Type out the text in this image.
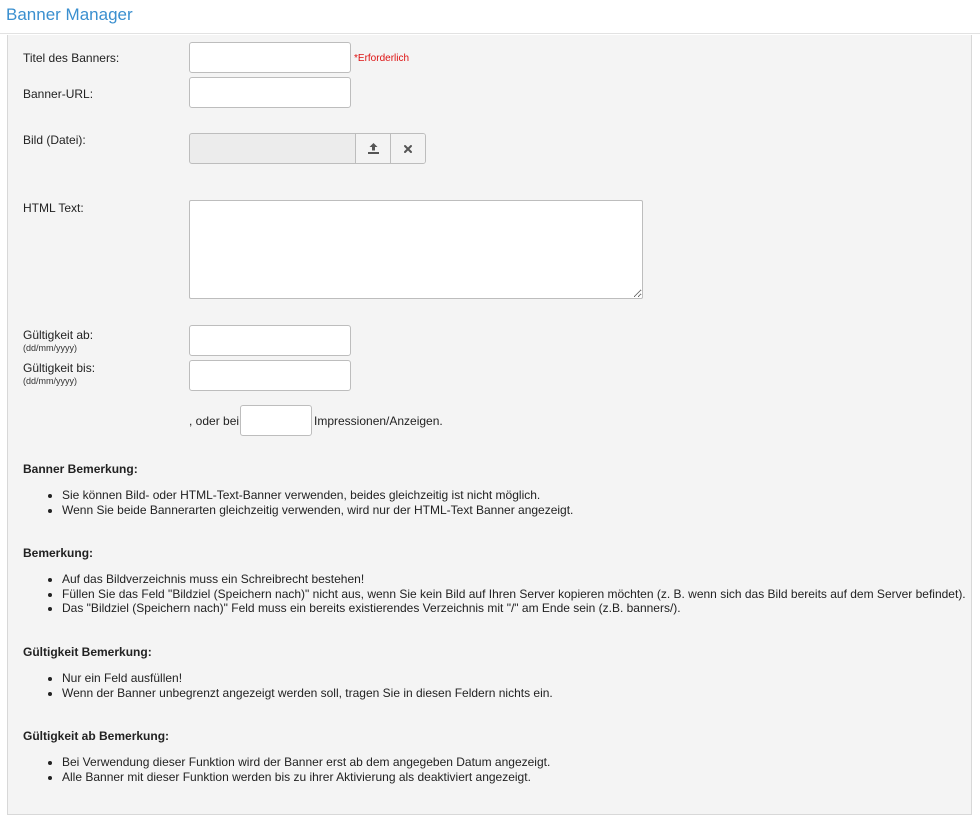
Banner Manager
Titel des Banners:	*Erforderlich
Banner-URL:
Bild (Datei):
HTML Text:
Gültigkeit ab:
(dd/mm/yyyy)
Gültigkeit bis:
(dd/mm/yyyy)
, oder bei	Impressionen/Anzeigen.
Banner Bemerkung:
• Sie können Bild- oder HTML-Text-Banner verwenden, beides gleichzeitig ist nicht möglich.
• Wenn Sie beide Bannerarten gleichzeitig verwenden, wird nur der HTML-Text Banner angezeigt.
Bemerkung:
• Auf das Bildverzeichnis muss ein Schreibrecht bestehen!
• Füllen Sie das Feld "Bildziel (Speichern nach)" nicht aus, wenn Sie kein Bild auf Ihren Server kopieren möchten (z. B. wenn sich das Bild bereits auf dem Server befindet).
• Das "Bildziel (Speichern nach)" Feld muss ein bereits existierendes Verzeichnis mit "/" am Ende sein (z.B. banners/).
Gültigkeit Bemerkung:
• Nur ein Feld ausfüllen!
• Wenn der Banner unbegrenzt angezeigt werden soll, tragen Sie in diesen Feldern nichts ein.
Gültigkeit ab Bemerkung:
• Bei Verwendung dieser Funktion wird der Banner erst ab dem angegeben Datum angezeigt.
• Alle Banner mit dieser Funktion werden bis zu ihrer Aktivierung als deaktiviert angezeigt.
